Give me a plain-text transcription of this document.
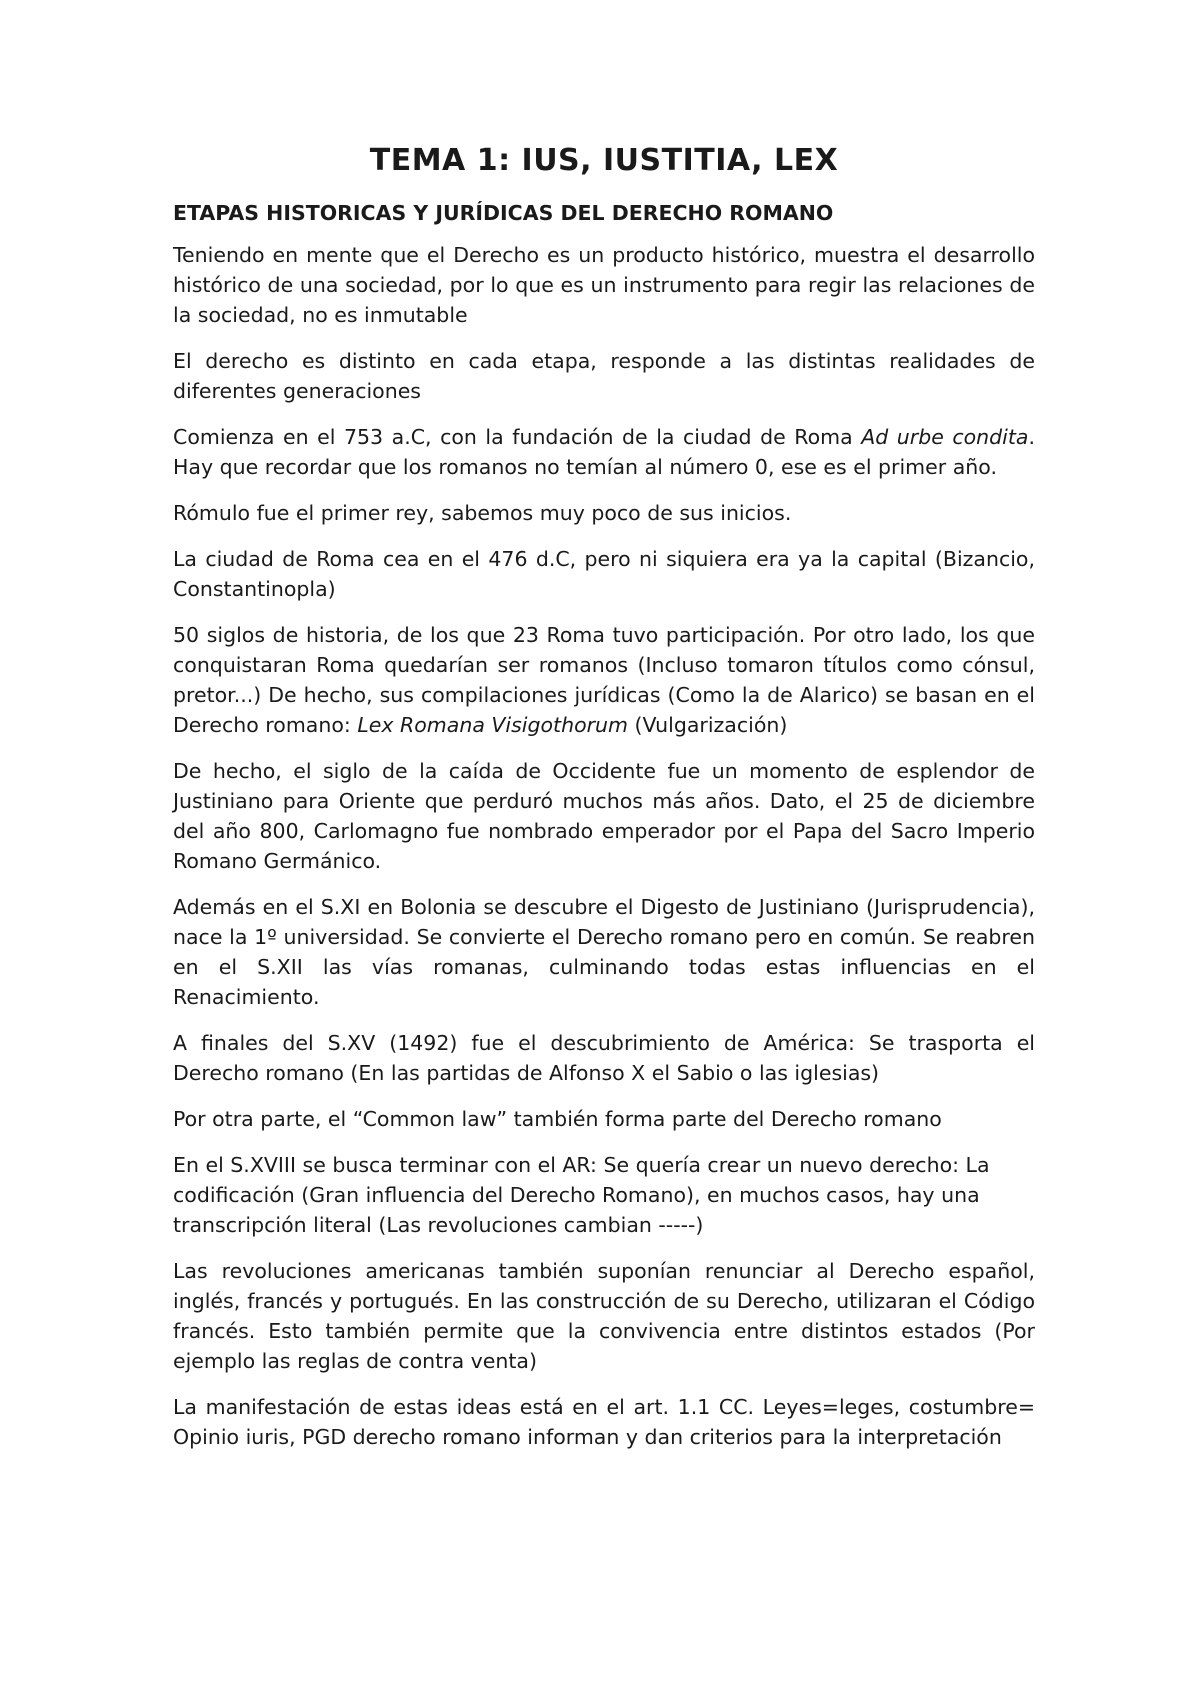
TEMA 1: IUS, IUSTITIA, LEX
ETAPAS HISTORICAS Y JURÍDICAS DEL DERECHO ROMANO

Teniendo en mente que el Derecho es un producto histórico, muestra el desarrollo histórico de una sociedad, por lo que es un instrumento para regir las relaciones de la sociedad, no es inmutable

El derecho es distinto en cada etapa, responde a las distintas realidades de diferentes generaciones

Comienza en el 753 a.C, con la fundación de la ciudad de Roma Ad urbe condita. Hay que recordar que los romanos no temían al número 0, ese es el primer año.

Rómulo fue el primer rey, sabemos muy poco de sus inicios.

La ciudad de Roma cea en el 476 d.C, pero ni siquiera era ya la capital (Bizancio, Constantinopla)

50 siglos de historia, de los que 23 Roma tuvo participación. Por otro lado, los que conquistaran Roma quedarían ser romanos (Incluso tomaron títulos como cónsul, pretor...) De hecho, sus compilaciones jurídicas (Como la de Alarico) se basan en el Derecho romano: Lex Romana Visigothorum (Vulgarización)

De hecho, el siglo de la caída de Occidente fue un momento de esplendor de Justiniano para Oriente que perduró muchos más años. Dato, el 25 de diciembre del año 800, Carlomagno fue nombrado emperador por el Papa del Sacro Imperio Romano Germánico.

Además en el S.XI en Bolonia se descubre el Digesto de Justiniano (Jurisprudencia), nace la 1º universidad. Se convierte el Derecho romano pero en común. Se reabren en el S.XII las vías romanas, culminando todas estas influencias en el Renacimiento.

A finales del S.XV (1492) fue el descubrimiento de América: Se trasporta el Derecho romano (En las partidas de Alfonso X el Sabio o las iglesias)

Por otra parte, el “Common law” también forma parte del Derecho romano

En el S.XVIII se busca terminar con el AR: Se quería crear un nuevo derecho: La codificación (Gran influencia del Derecho Romano), en muchos casos, hay una transcripción literal (Las revoluciones cambian -----)

Las revoluciones americanas también suponían renunciar al Derecho español, inglés, francés y portugués. En las construcción de su Derecho, utilizaran el Código francés. Esto también permite que la convivencia entre distintos estados (Por ejemplo las reglas de contra venta)

La manifestación de estas ideas está en el art. 1.1 CC. Leyes=leges, costumbre= Opinio iuris, PGD derecho romano informan y dan criterios para la interpretación
